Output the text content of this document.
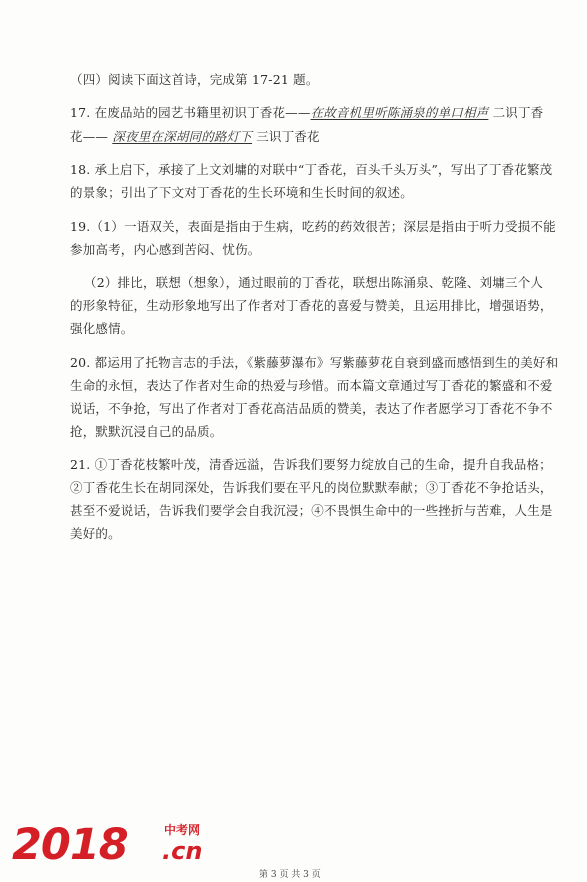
（四）阅读下面这首诗，完成第 17-21 题。
17. 在废品站的园艺书籍里初识丁香花——在故音机里听陈涌泉的单口相声 二识丁香
花—— 深夜里在深胡同的路灯下 三识丁香花
18. 承上启下，承接了上文刘墉的对联中“丁香花，百头千头万头”，写出了丁香花繁茂
的景象；引出了下文对丁香花的生长环境和生长时间的叙述。
19.（1）一语双关，表面是指由于生病，吃药的药效很苦；深层是指由于听力受损不能
参加高考，内心感到苦闷、忧伤。
（2）排比，联想（想象），通过眼前的丁香花，联想出陈涌泉、乾隆、刘墉三个人
的形象特征，生动形象地写出了作者对丁香花的喜爱与赞美，且运用排比，增强语势，
强化感情。
20. 都运用了托物言志的手法，《紫藤萝瀑布》写紫藤萝花自衰到盛而感悟到生的美好和
生命的永恒，表达了作者对生命的热爱与珍惜。而本篇文章通过写丁香花的繁盛和不爱
说话，不争抢，写出了作者对丁香花高洁品质的赞美，表达了作者愿学习丁香花不争不
抢，默默沉浸自己的品质。
21. ①丁香花枝繁叶茂，清香远溢，告诉我们要努力绽放自己的生命，提升自我品格；
②丁香花生长在胡同深处，告诉我们要在平凡的岗位默默奉献；③丁香花不争抢话头，
甚至不爱说话，告诉我们要学会自我沉浸；④不畏惧生命中的一些挫折与苦难，人生是
美好的。
2018	中考网
.cn
第 3 页 共 3 页
